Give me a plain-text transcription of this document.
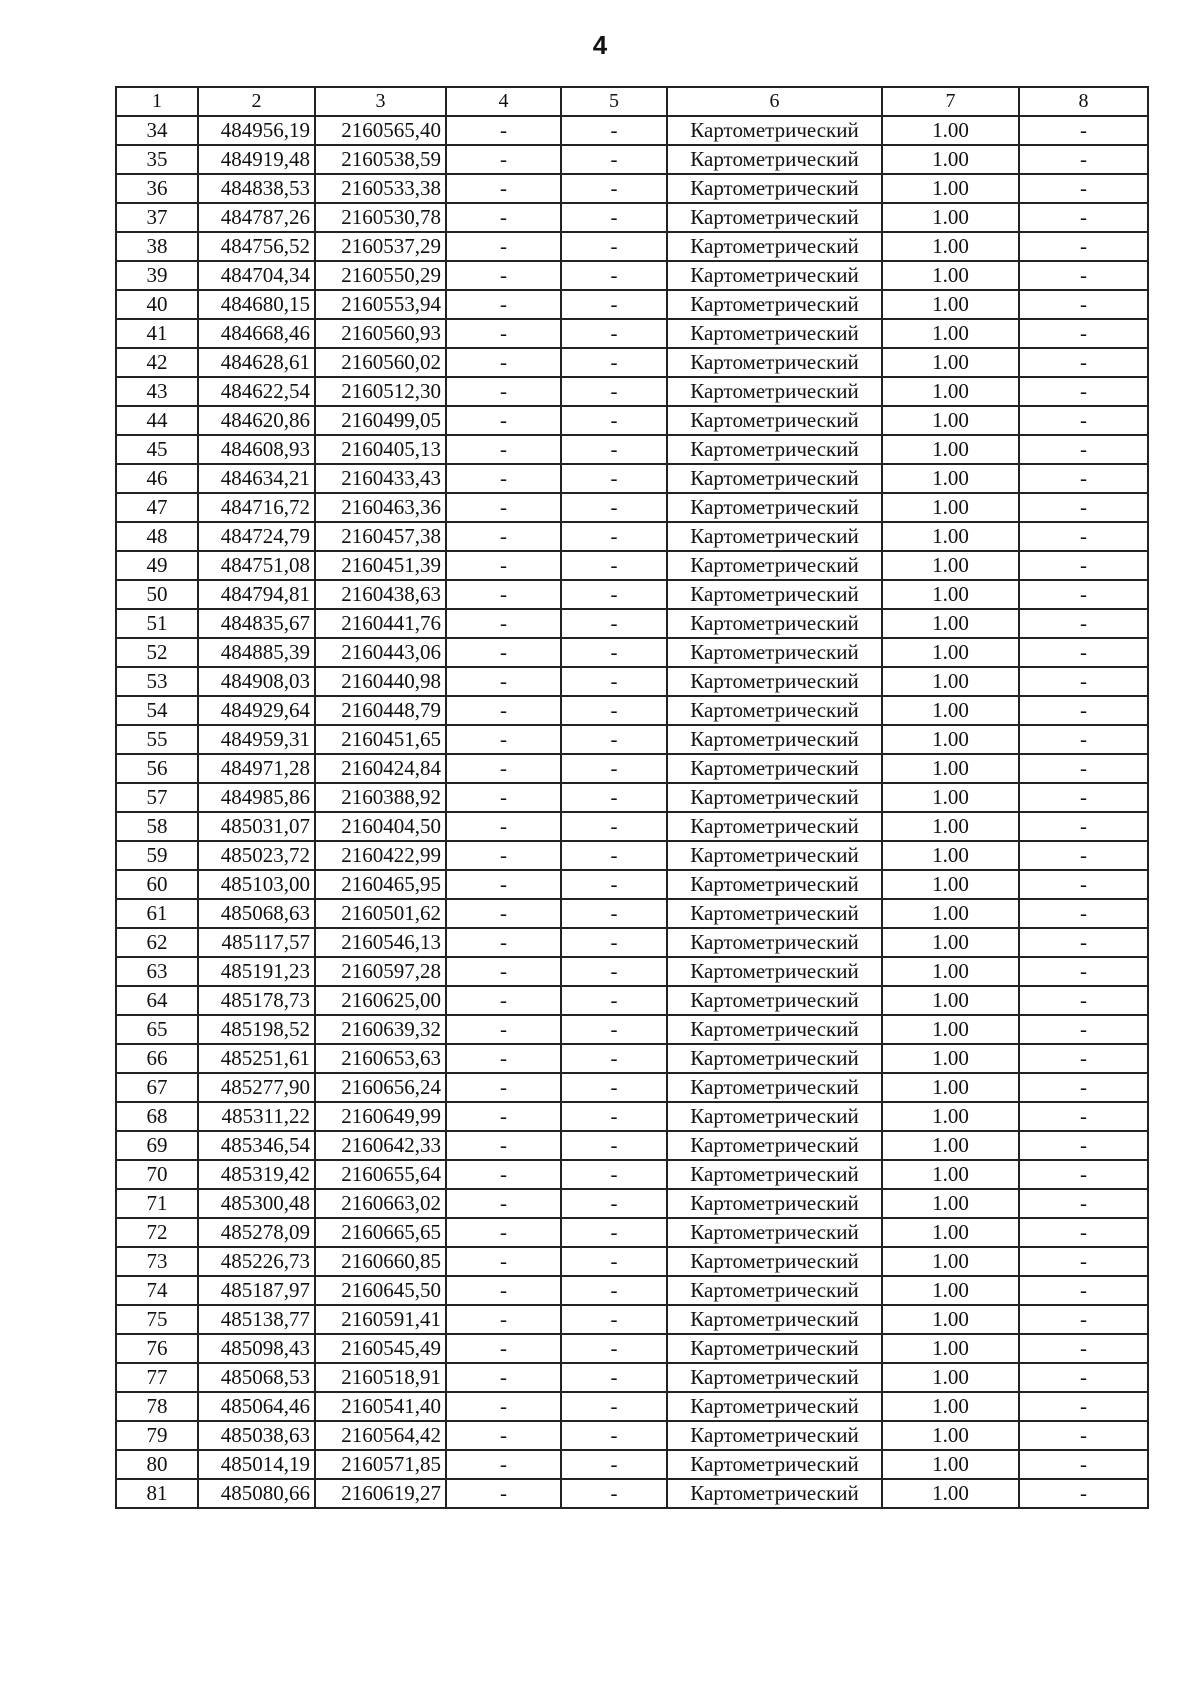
4
1	2	3	4	5	6	7	8
34	484956,19	2160565,40	-	-	Картометрический	1.00	-
35	484919,48	2160538,59	-	-	Картометрический	1.00	-
36	484838,53	2160533,38	-	-	Картометрический	1.00	-
37	484787,26	2160530,78	-	-	Картометрический	1.00	-
38	484756,52	2160537,29	-	-	Картометрический	1.00	-
39	484704,34	2160550,29	-	-	Картометрический	1.00	-
40	484680,15	2160553,94	-	-	Картометрический	1.00	-
41	484668,46	2160560,93	-	-	Картометрический	1.00	-
42	484628,61	2160560,02	-	-	Картометрический	1.00	-
43	484622,54	2160512,30	-	-	Картометрический	1.00	-
44	484620,86	2160499,05	-	-	Картометрический	1.00	-
45	484608,93	2160405,13	-	-	Картометрический	1.00	-
46	484634,21	2160433,43	-	-	Картометрический	1.00	-
47	484716,72	2160463,36	-	-	Картометрический	1.00	-
48	484724,79	2160457,38	-	-	Картометрический	1.00	-
49	484751,08	2160451,39	-	-	Картометрический	1.00	-
50	484794,81	2160438,63	-	-	Картометрический	1.00	-
51	484835,67	2160441,76	-	-	Картометрический	1.00	-
52	484885,39	2160443,06	-	-	Картометрический	1.00	-
53	484908,03	2160440,98	-	-	Картометрический	1.00	-
54	484929,64	2160448,79	-	-	Картометрический	1.00	-
55	484959,31	2160451,65	-	-	Картометрический	1.00	-
56	484971,28	2160424,84	-	-	Картометрический	1.00	-
57	484985,86	2160388,92	-	-	Картометрический	1.00	-
58	485031,07	2160404,50	-	-	Картометрический	1.00	-
59	485023,72	2160422,99	-	-	Картометрический	1.00	-
60	485103,00	2160465,95	-	-	Картометрический	1.00	-
61	485068,63	2160501,62	-	-	Картометрический	1.00	-
62	485117,57	2160546,13	-	-	Картометрический	1.00	-
63	485191,23	2160597,28	-	-	Картометрический	1.00	-
64	485178,73	2160625,00	-	-	Картометрический	1.00	-
65	485198,52	2160639,32	-	-	Картометрический	1.00	-
66	485251,61	2160653,63	-	-	Картометрический	1.00	-
67	485277,90	2160656,24	-	-	Картометрический	1.00	-
68	485311,22	2160649,99	-	-	Картометрический	1.00	-
69	485346,54	2160642,33	-	-	Картометрический	1.00	-
70	485319,42	2160655,64	-	-	Картометрический	1.00	-
71	485300,48	2160663,02	-	-	Картометрический	1.00	-
72	485278,09	2160665,65	-	-	Картометрический	1.00	-
73	485226,73	2160660,85	-	-	Картометрический	1.00	-
74	485187,97	2160645,50	-	-	Картометрический	1.00	-
75	485138,77	2160591,41	-	-	Картометрический	1.00	-
76	485098,43	2160545,49	-	-	Картометрический	1.00	-
77	485068,53	2160518,91	-	-	Картометрический	1.00	-
78	485064,46	2160541,40	-	-	Картометрический	1.00	-
79	485038,63	2160564,42	-	-	Картометрический	1.00	-
80	485014,19	2160571,85	-	-	Картометрический	1.00	-
81	485080,66	2160619,27	-	-	Картометрический	1.00	-
